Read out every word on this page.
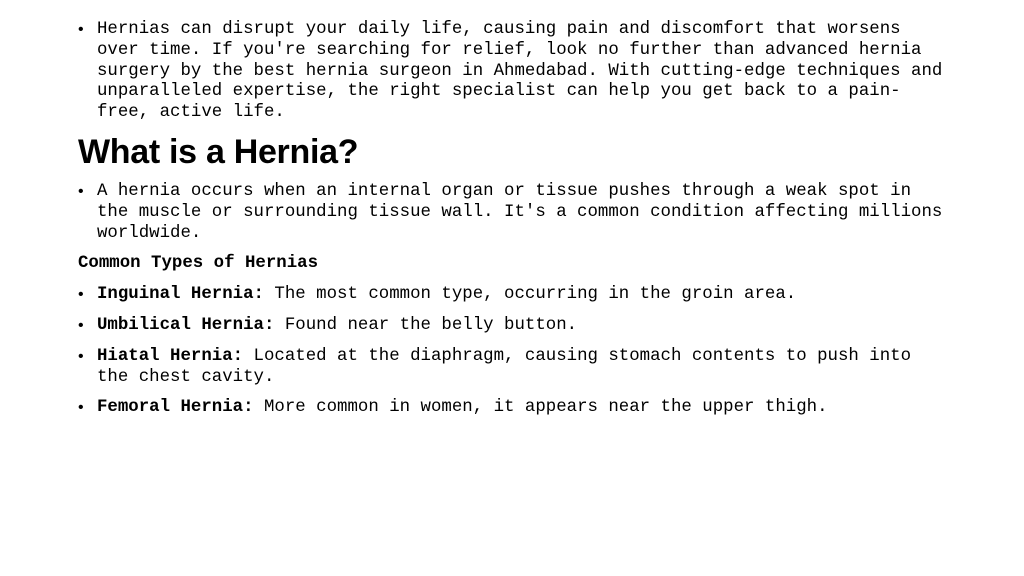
• Hernias can disrupt your daily life, causing pain and discomfort that worsens over time. If you're searching for relief, look no further than advanced hernia surgery by the best hernia surgeon in Ahmedabad. With cutting-edge techniques and unparalleled expertise, the right specialist can help you get back to a pain-free, active life.
What is a Hernia?
• A hernia occurs when an internal organ or tissue pushes through a weak spot in the muscle or surrounding tissue wall. It's a common condition affecting millions worldwide.
Common Types of Hernias
• Inguinal Hernia: The most common type, occurring in the groin area.
• Umbilical Hernia: Found near the belly button.
• Hiatal Hernia: Located at the diaphragm, causing stomach contents to push into the chest cavity.
• Femoral Hernia: More common in women, it appears near the upper thigh.
